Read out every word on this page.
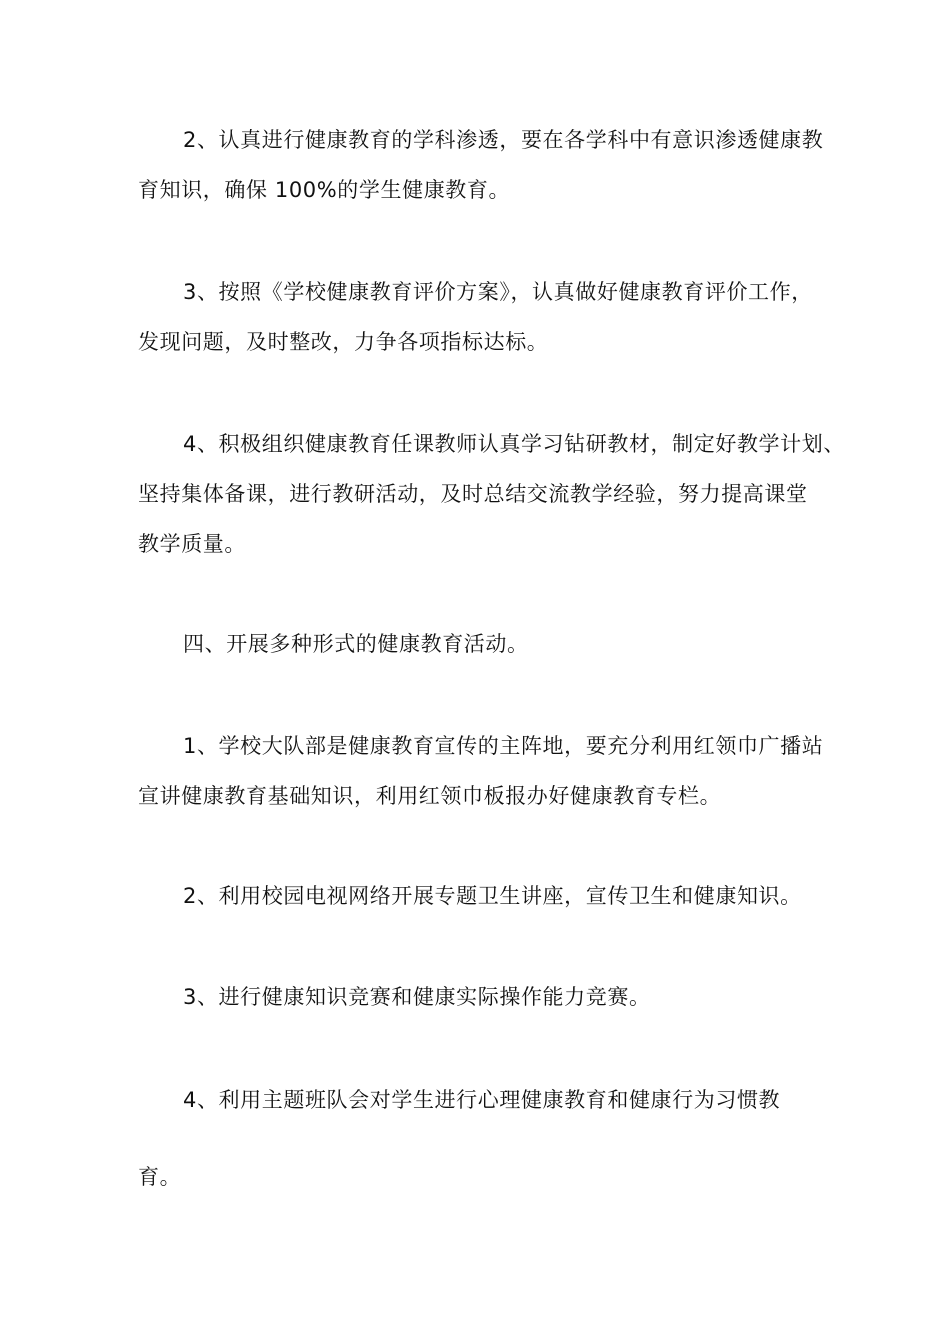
2、认真进行健康教育的学科渗透，要在各学科中有意识渗透健康教
育知识，确保 100%的学生健康教育。
3、按照《学校健康教育评价方案》，认真做好健康教育评价工作，
发现问题，及时整改，力争各项指标达标。
4、积极组织健康教育任课教师认真学习钻研教材，制定好教学计划、
坚持集体备课，进行教研活动，及时总结交流教学经验，努力提高课堂
教学质量。
四、开展多种形式的健康教育活动。
1、学校大队部是健康教育宣传的主阵地，要充分利用红领巾广播站
宣讲健康教育基础知识，利用红领巾板报办好健康教育专栏。
2、利用校园电视网络开展专题卫生讲座，宣传卫生和健康知识。
3、进行健康知识竞赛和健康实际操作能力竞赛。
4、利用主题班队会对学生进行心理健康教育和健康行为习惯教
育。
